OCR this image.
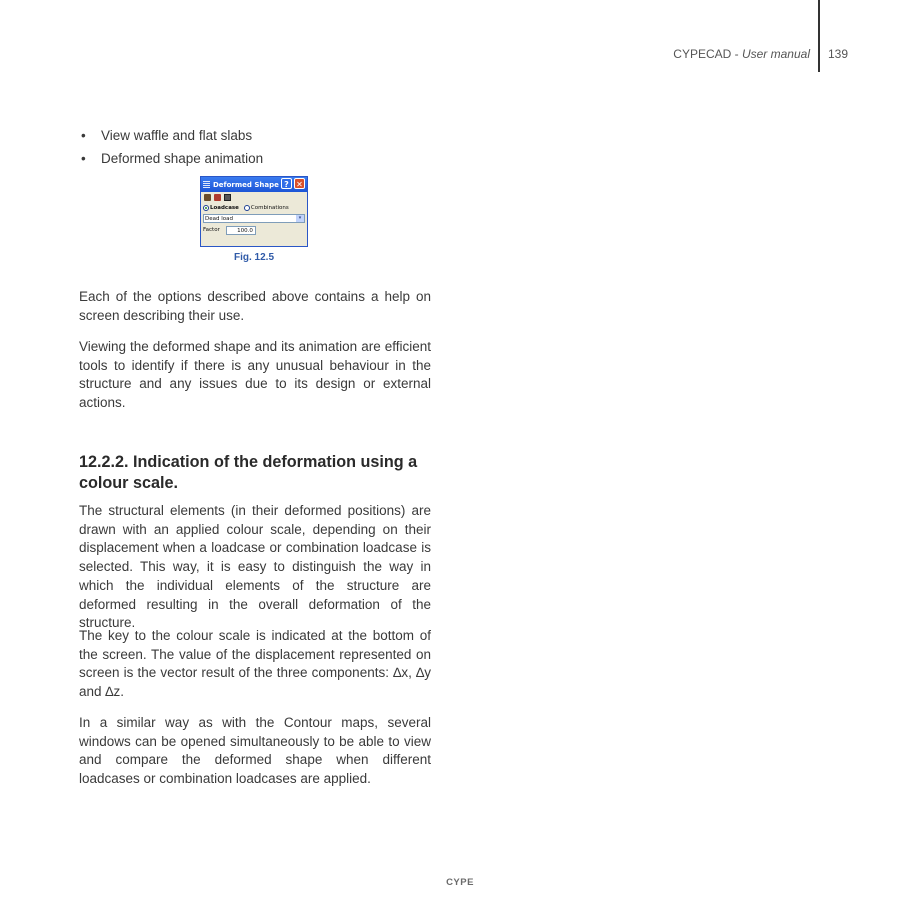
CYPECAD - User manual 139
• View waffle and flat slabs
• Deformed shape animation
Deformed Shape ? ✕
Loadcase Combinations
Dead load	▾
Factor	100.0
Fig. 12.5

Each of the options described above contains a help on screen describing their use.

Viewing the deformed shape and its animation are efficient tools to identify if there is any unusual behaviour in the structure and any issues due to its design or external actions.

12.2.2. Indication of the deformation using a colour scale.

The structural elements (in their deformed positions) are drawn with an applied colour scale, depending on their displacement when a loadcase or combination loadcase is selected. This way, it is easy to distinguish the way in which the individual elements of the structure are deformed resulting in the overall deformation of the structure.

The key to the colour scale is indicated at the bottom of the screen. The value of the displacement represented on screen is the vector result of the three components: ∆x, ∆y and ∆z.

In a similar way as with the Contour maps, several windows can be opened simultaneously to be able to view and compare the deformed shape when different loadcases or combination loadcases are applied.

CYPE
